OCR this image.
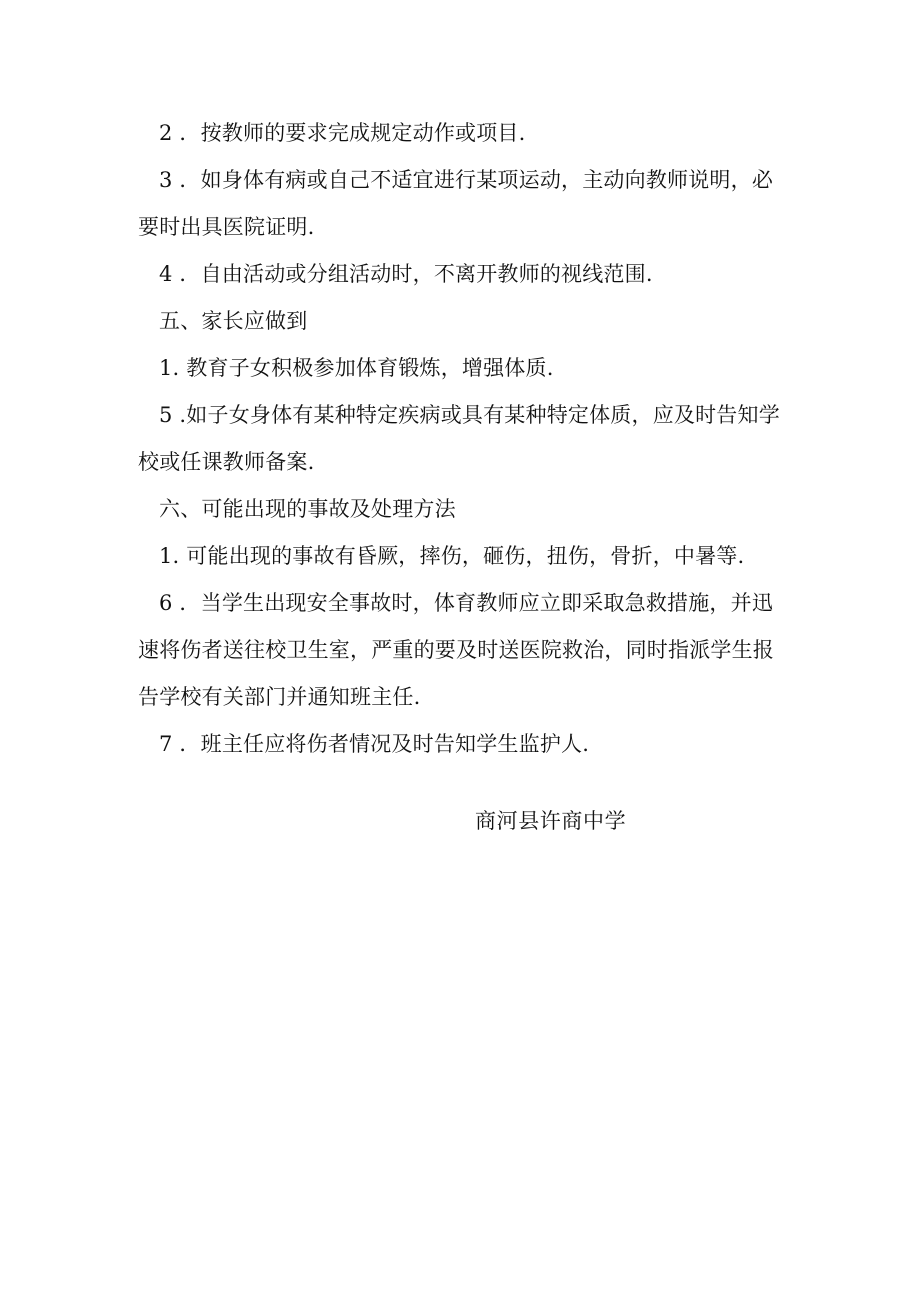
2 ．按教师的要求完成规定动作或项目.

3 ．如身体有病或自己不适宜进行某项运动，主动向教师说明，必要时出具医院证明.

4 ．自由活动或分组活动时，不离开教师的视线范围.

五、家长应做到

1. 教育子女积极参加体育锻炼，增强体质.

5 .如子女身体有某种特定疾病或具有某种特定体质，应及时告知学校或任课教师备案.

六、可能出现的事故及处理方法

1. 可能出现的事故有昏厥，摔伤，砸伤，扭伤，骨折，中暑等.

6 ．当学生出现安全事故时，体育教师应立即采取急救措施，并迅速将伤者送往校卫生室，严重的要及时送医院救治，同时指派学生报告学校有关部门并通知班主任.

7 ．班主任应将伤者情况及时告知学生监护人.

商河县许商中学
